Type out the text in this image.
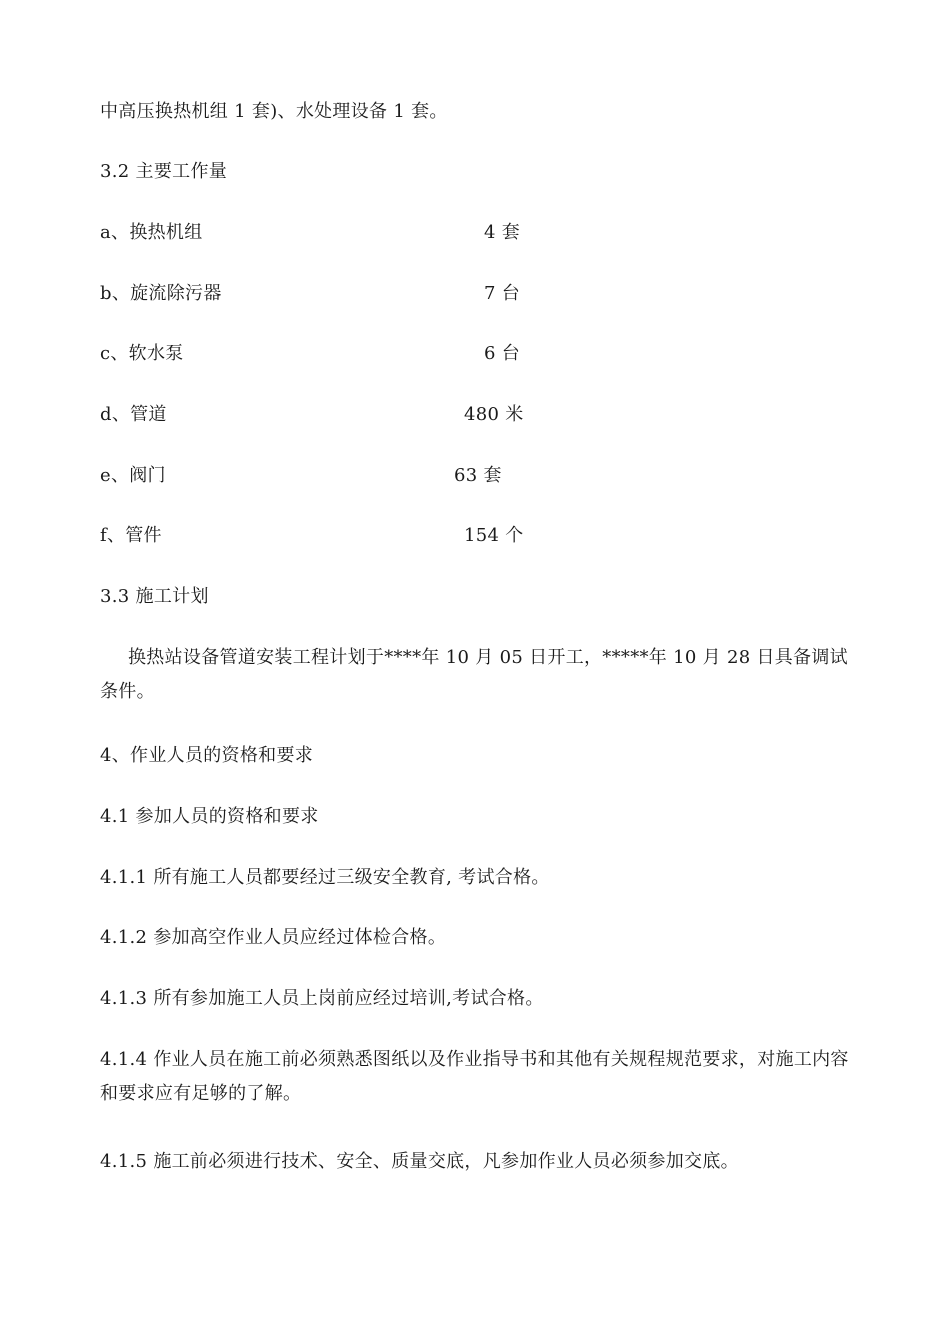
中高压换热机组 1 套)、水处理设备 1 套。
3.2 主要工作量
a、换热机组	4 套
b、旋流除污器	7 台
c、软水泵	6 台
d、管道	480 米
e、阀门	63 套
f、管件	154 个
3.3 施工计划
换热站设备管道安装工程计划于****年 10 月 05 日开工，*****年 10 月 28 日具备调试条件。
4、作业人员的资格和要求
4.1 参加人员的资格和要求
4.1.1 所有施工人员都要经过三级安全教育, 考试合格。
4.1.2 参加高空作业人员应经过体检合格。
4.1.3 所有参加施工人员上岗前应经过培训,考试合格。
4.1.4 作业人员在施工前必须熟悉图纸以及作业指导书和其他有关规程规范要求，对施工内容和要求应有足够的了解。
4.1.5 施工前必须进行技术、安全、质量交底，凡参加作业人员必须参加交底。
